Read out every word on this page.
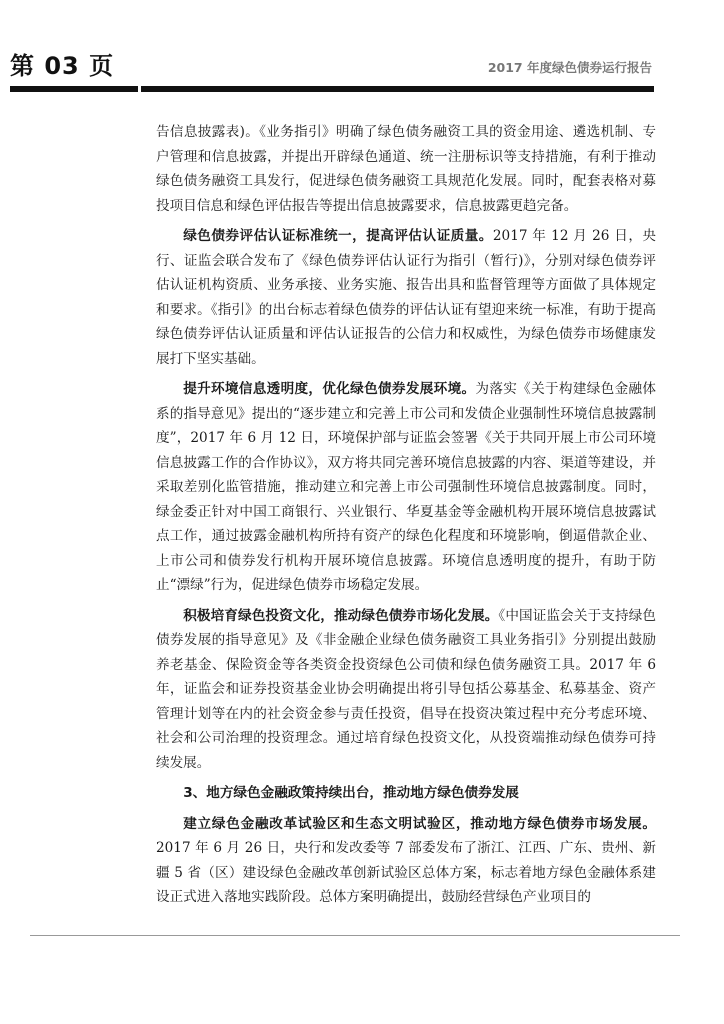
第 03 页	2017 年度绿色债券运行报告

告信息披露表)。《业务指引》明确了绿色债务融资工具的资金用途、遴选机制、专户管理和信息披露，并提出开辟绿色通道、统一注册标识等支持措施，有利于推动绿色债务融资工具发行，促进绿色债务融资工具规范化发展。同时，配套表格对募投项目信息和绿色评估报告等提出信息披露要求，信息披露更趋完备。

绿色债券评估认证标准统一，提高评估认证质量。2017 年 12 月 26 日，央行、证监会联合发布了《绿色债券评估认证行为指引（暂行)》，分别对绿色债券评估认证机构资质、业务承接、业务实施、报告出具和监督管理等方面做了具体规定和要求。《指引》的出台标志着绿色债券的评估认证有望迎来统一标准，有助于提高绿色债券评估认证质量和评估认证报告的公信力和权威性，为绿色债券市场健康发展打下坚实基础。

提升环境信息透明度，优化绿色债券发展环境。为落实《关于构建绿色金融体系的指导意见》提出的“逐步建立和完善上市公司和发债企业强制性环境信息披露制度”，2017 年 6 月 12 日，环境保护部与证监会签署《关于共同开展上市公司环境信息披露工作的合作协议》，双方将共同完善环境信息披露的内容、渠道等建设，并采取差别化监管措施，推动建立和完善上市公司强制性环境信息披露制度。同时，绿金委正针对中国工商银行、兴业银行、华夏基金等金融机构开展环境信息披露试点工作，通过披露金融机构所持有资产的绿色化程度和环境影响，倒逼借款企业、上市公司和债券发行机构开展环境信息披露。环境信息透明度的提升，有助于防止“漂绿”行为，促进绿色债券市场稳定发展。

积极培育绿色投资文化，推动绿色债券市场化发展。《中国证监会关于支持绿色债券发展的指导意见》及《非金融企业绿色债务融资工具业务指引》分别提出鼓励养老基金、保险资金等各类资金投资绿色公司债和绿色债务融资工具。2017 年 6 年，证监会和证券投资基金业协会明确提出将引导包括公募基金、私募基金、资产管理计划等在内的社会资金参与责任投资，倡导在投资决策过程中充分考虑环境、社会和公司治理的投资理念。通过培育绿色投资文化，从投资端推动绿色债券可持续发展。

3、地方绿色金融政策持续出台，推动地方绿色债券发展

建立绿色金融改革试验区和生态文明试验区，推动地方绿色债券市场发展。2017 年 6 月 26 日，央行和发改委等 7 部委发布了浙江、江西、广东、贵州、新疆 5 省（区）建设绿色金融改革创新试验区总体方案，标志着地方绿色金融体系建设正式进入落地实践阶段。总体方案明确提出，鼓励经营绿色产业项目的
